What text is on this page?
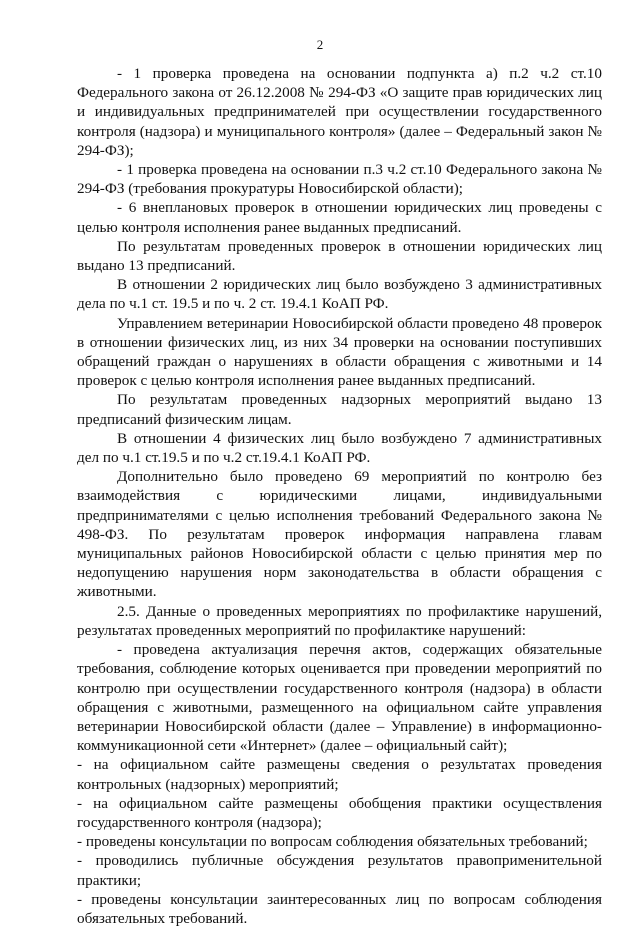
2

- 1 проверка проведена на основании подпункта а) п.2 ч.2 ст.10 Федерального закона от 26.12.2008 № 294-ФЗ «О защите прав юридических лиц и индивидуальных предпринимателей при осуществлении государственного контроля (надзора) и муниципального контроля» (далее – Федеральный закон № 294-ФЗ);

- 1 проверка проведена на основании п.3 ч.2 ст.10 Федерального закона № 294-ФЗ (требования прокуратуры Новосибирской области);

- 6 внеплановых проверок в отношении юридических лиц проведены с целью контроля исполнения ранее выданных предписаний.

По результатам проведенных проверок в отношении юридических лиц выдано 13 предписаний.

В отношении 2 юридических лиц было возбуждено 3 административных дела по ч.1 ст. 19.5 и по ч. 2 ст. 19.4.1 КоАП РФ.

Управлением ветеринарии Новосибирской области проведено 48 проверок в отношении физических лиц, из них 34 проверки на основании поступивших обращений граждан о нарушениях в области обращения с животными и 14 проверок с целью контроля исполнения ранее выданных предписаний.

По результатам проведенных надзорных мероприятий выдано 13 предписаний физическим лицам.

В отношении 4 физических лиц было возбуждено 7 административных дел по ч.1 ст.19.5 и по ч.2 ст.19.4.1 КоАП РФ.

Дополнительно было проведено 69 мероприятий по контролю без взаимодействия с юридическими лицами, индивидуальными предпринимателями с целью исполнения требований Федерального закона № 498-ФЗ. По результатам проверок информация направлена главам муниципальных районов Новосибирской области с целью принятия мер по недопущению нарушения норм законодательства в области обращения с животными.

2.5. Данные о проведенных мероприятиях по профилактике нарушений, результатах проведенных мероприятий по профилактике нарушений:

- проведена актуализация перечня актов, содержащих обязательные требования, соблюдение которых оценивается при проведении мероприятий по контролю при осуществлении государственного контроля (надзора) в области обращения с животными, размещенного на официальном сайте управления ветеринарии Новосибирской области (далее – Управление) в информационно-коммуникационной сети «Интернет» (далее – официальный сайт);

- на официальном сайте размещены сведения о результатах проведения контрольных (надзорных) мероприятий;

- на официальном сайте размещены обобщения практики осуществления государственного контроля (надзора);

- проведены консультации по вопросам соблюдения обязательных требований;

- проводились публичные обсуждения результатов правоприменительной практики;

- проведены консультации заинтересованных лиц по вопросам соблюдения обязательных требований.
